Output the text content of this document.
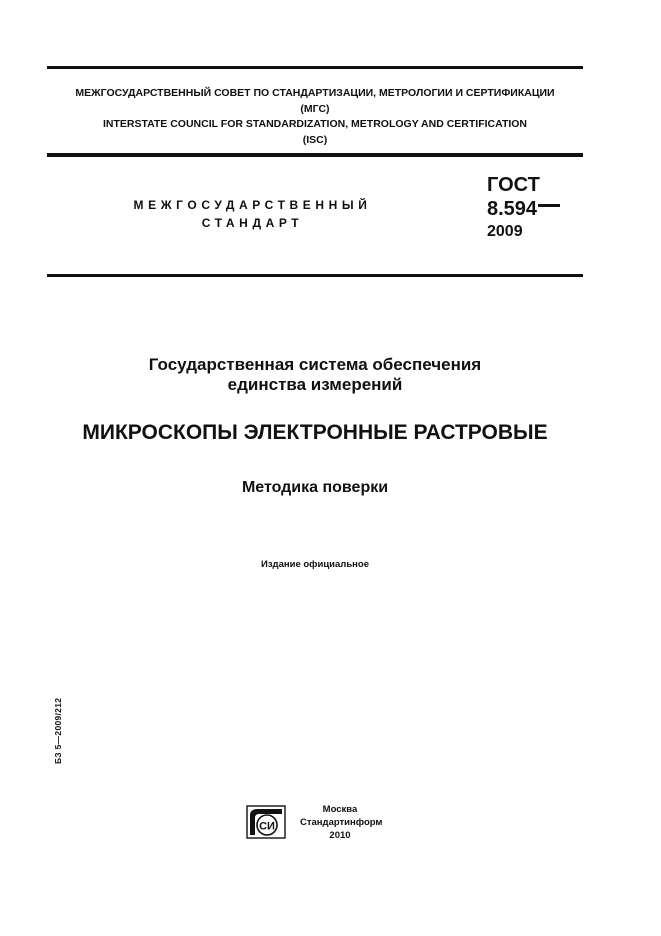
МЕЖГОСУДАРСТВЕННЫЙ СОВЕТ ПО СТАНДАРТИЗАЦИИ, МЕТРОЛОГИИ И СЕРТИФИКАЦИИ
(МГС)
INTERSTATE COUNCIL FOR STANDARDIZATION, METROLOGY AND CERTIFICATION
(ISC)
МЕЖГОСУДАРСТВЕННЫЙ
СТАНДАРТ
ГОСТ
8.594
2009
Государственная система обеспечения
единства измерений
МИКРОСКОПЫ ЭЛЕКТРОННЫЕ РАСТРОВЫЕ
Методика поверки
Издание официальное
БЗ 5—2009/212
СИ
Москва
Стандартинформ
2010
